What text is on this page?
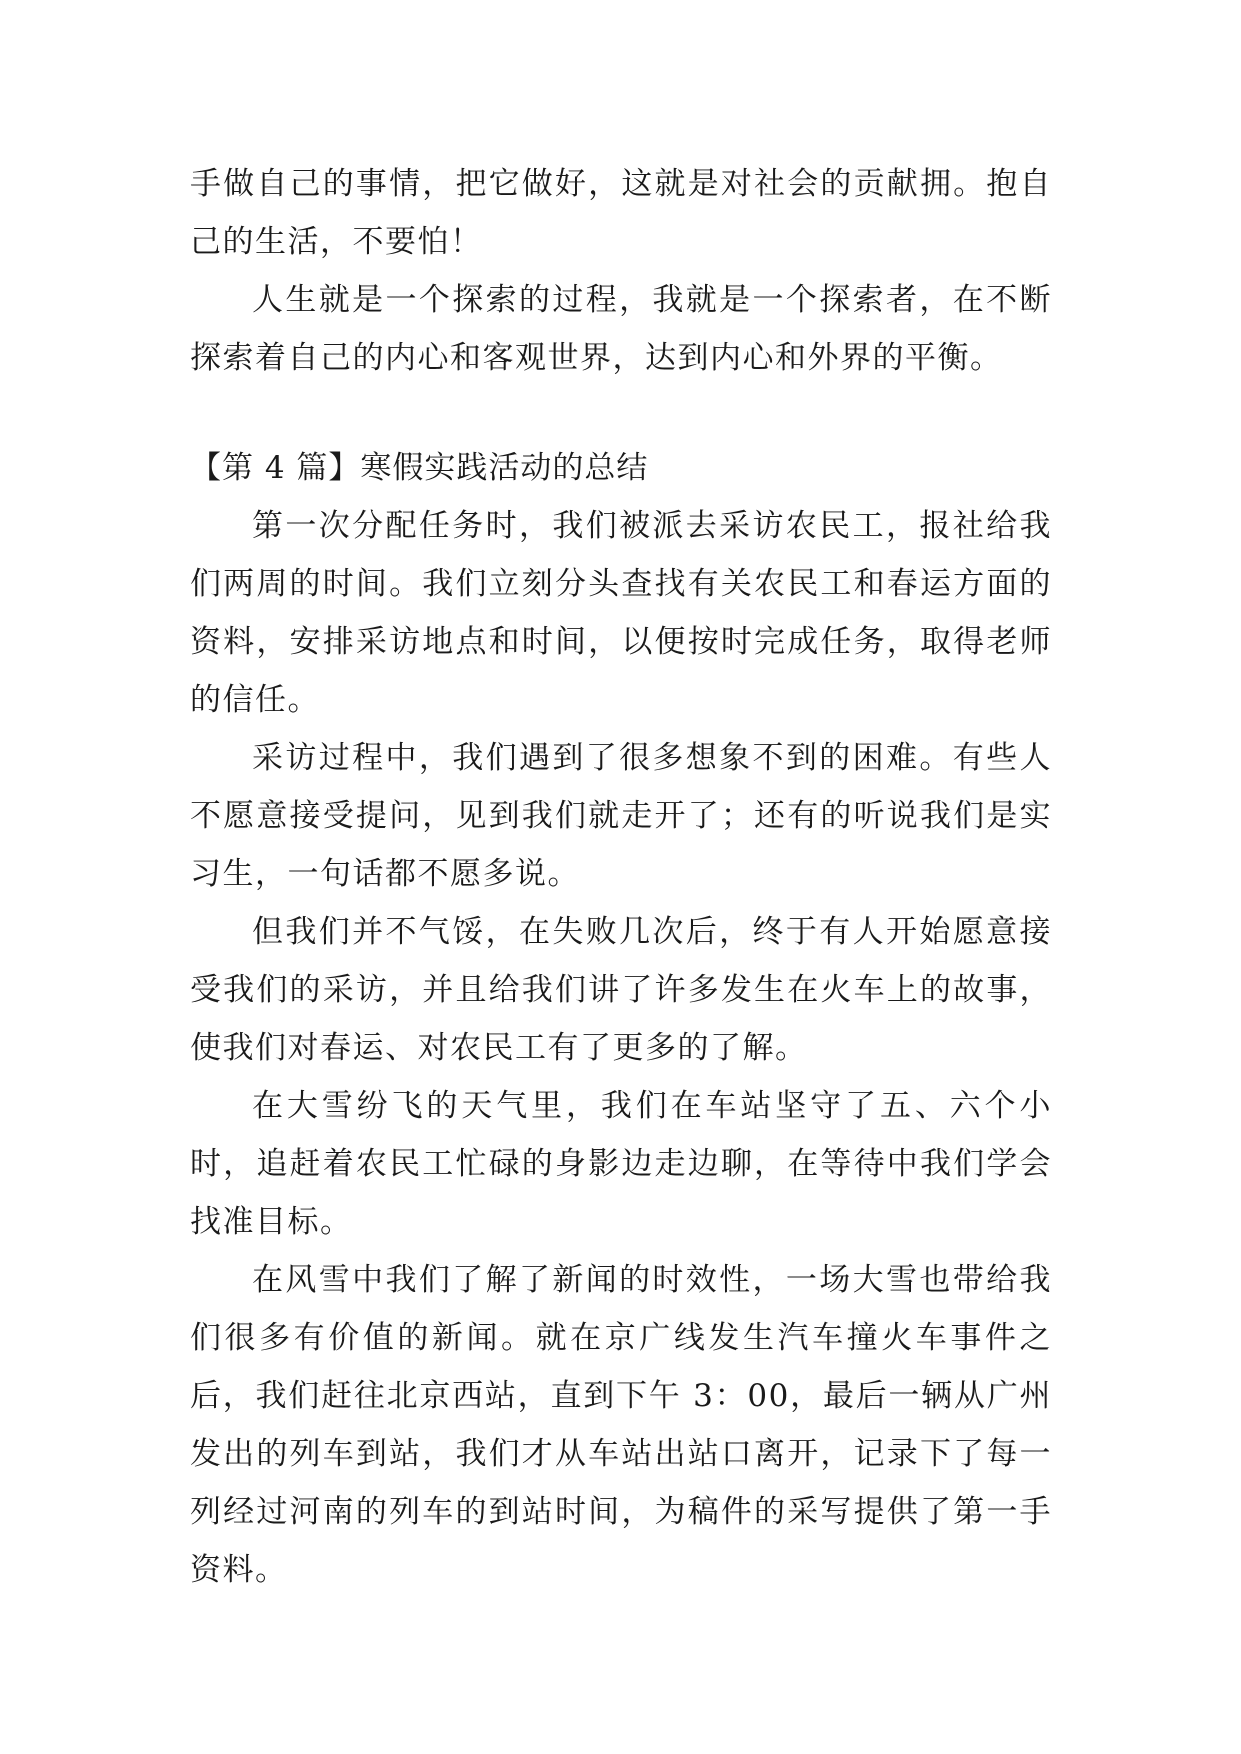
手做自己的事情，把它做好，这就是对社会的贡献拥。抱自己的生活，不要怕！

人生就是一个探索的过程，我就是一个探索者，在不断探索着自己的内心和客观世界，达到内心和外界的平衡。

【第 4 篇】寒假实践活动的总结

第一次分配任务时，我们被派去采访农民工，报社给我们两周的时间。我们立刻分头查找有关农民工和春运方面的资料，安排采访地点和时间，以便按时完成任务，取得老师的信任。

采访过程中，我们遇到了很多想象不到的困难。有些人不愿意接受提问，见到我们就走开了；还有的听说我们是实习生，一句话都不愿多说。

但我们并不气馁，在失败几次后，终于有人开始愿意接受我们的采访，并且给我们讲了许多发生在火车上的故事，使我们对春运、对农民工有了更多的了解。

在大雪纷飞的天气里，我们在车站坚守了五、六个小时，追赶着农民工忙碌的身影边走边聊，在等待中我们学会找准目标。

在风雪中我们了解了新闻的时效性，一场大雪也带给我们很多有价值的新闻。就在京广线发生汽车撞火车事件之后，我们赶往北京西站，直到下午 3：00，最后一辆从广州发出的列车到站，我们才从车站出站口离开，记录下了每一列经过河南的列车的到站时间，为稿件的采写提供了第一手资料。
